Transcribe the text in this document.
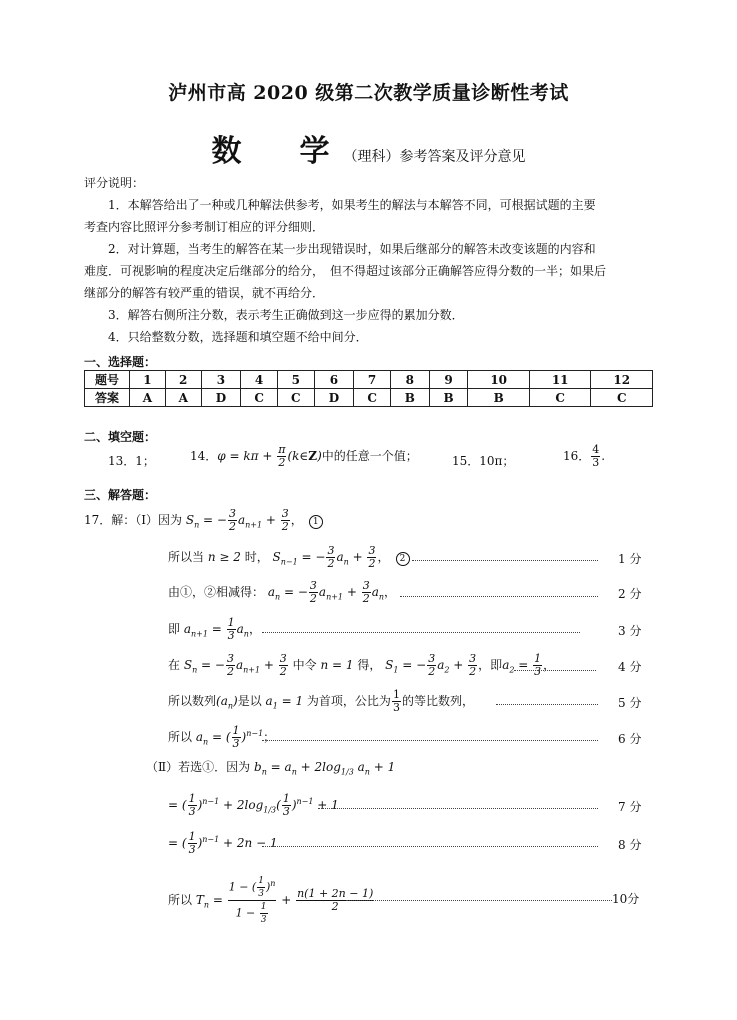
泸州市高 2020 级第二次教学质量诊断性考试
数　学（理科）参考答案及评分意见
评分说明：
1．本解答给出了一种或几种解法供参考，如果考生的解法与本解答不同，可根据试题的主要
考查内容比照评分参考制订相应的评分细则．
2．对计算题，当考生的解答在某一步出现错误时，如果后继部分的解答未改变该题的内容和
难度．可视影响的程度决定后继部分的给分，　但不得超过该部分正确解答应得分数的一半；如果后
继部分的解答有较严重的错误，就不再给分．
3．解答右侧所注分数，表示考生正确做到这一步应得的累加分数．
4．只给整数分数，选择题和填空题不给中间分．
一、选择题：
题号	1	2	3	4	5	6	7	8	9	10	11	12
答案	A	A	D	C	C	D	C	B	B	B	C	C
二、填空题：
13．1；	14．$\varphi = k\pi + \frac{\pi}{2}$ (k∈Z)中的任意一个值；	15．10π；	16． $\frac{4}{3}$ .
三、解答题：
17．解：（Ⅰ）因为 $S_n$ = − $\frac{3}{2} a_{n+1} + \frac{3}{2}$ ，　1
所以当 n ≥ 2 时， $S_{n-1}$ = − $\frac{3}{2} a_n + \frac{3}{2}$ ，　2	1 分
由①，②相减得： $a_n$ = − $\frac{3}{2} a_{n+1} + \frac{3}{2} a_n$，	2 分
即 $a_{n+1} = \frac{1}{3} a_n$，	3 分
在 $S_n$ = − $\frac{3}{2} a_{n+1} + \frac{3}{2}$ 中令 n = 1 得， $S_1$ = − $\frac{3}{2} a_2 + \frac{3}{2}$ ，即$a_2 = \frac{1}{3}$ ，	4 分
所以数列$(a_n)$是以 $a_1 = 1$ 为首项，公比为 $\frac{1}{3}$ 的等比数列，	5 分
所以 $a_n$ = ( $\frac{1}{3} )^{n-1}$；	6 分
（Ⅱ）若选①．因为 $b_n = a_n + 2\log_{1/3}$ $a_n + 1$
= ( $\frac{1}{3} )^{n-1} + 2\log_{1/3}( \frac{1}{3} )^{n-1} + 1$	7 分
= ( $\frac{1}{3} )^{n-1} + 2n - 1$	8 分
所以 $T_n = \frac{1 - ( \frac{1}{3} )^n}{1 - \frac{1}{3}} + \frac{n(1 + 2n - 1)}{2}$	10分
